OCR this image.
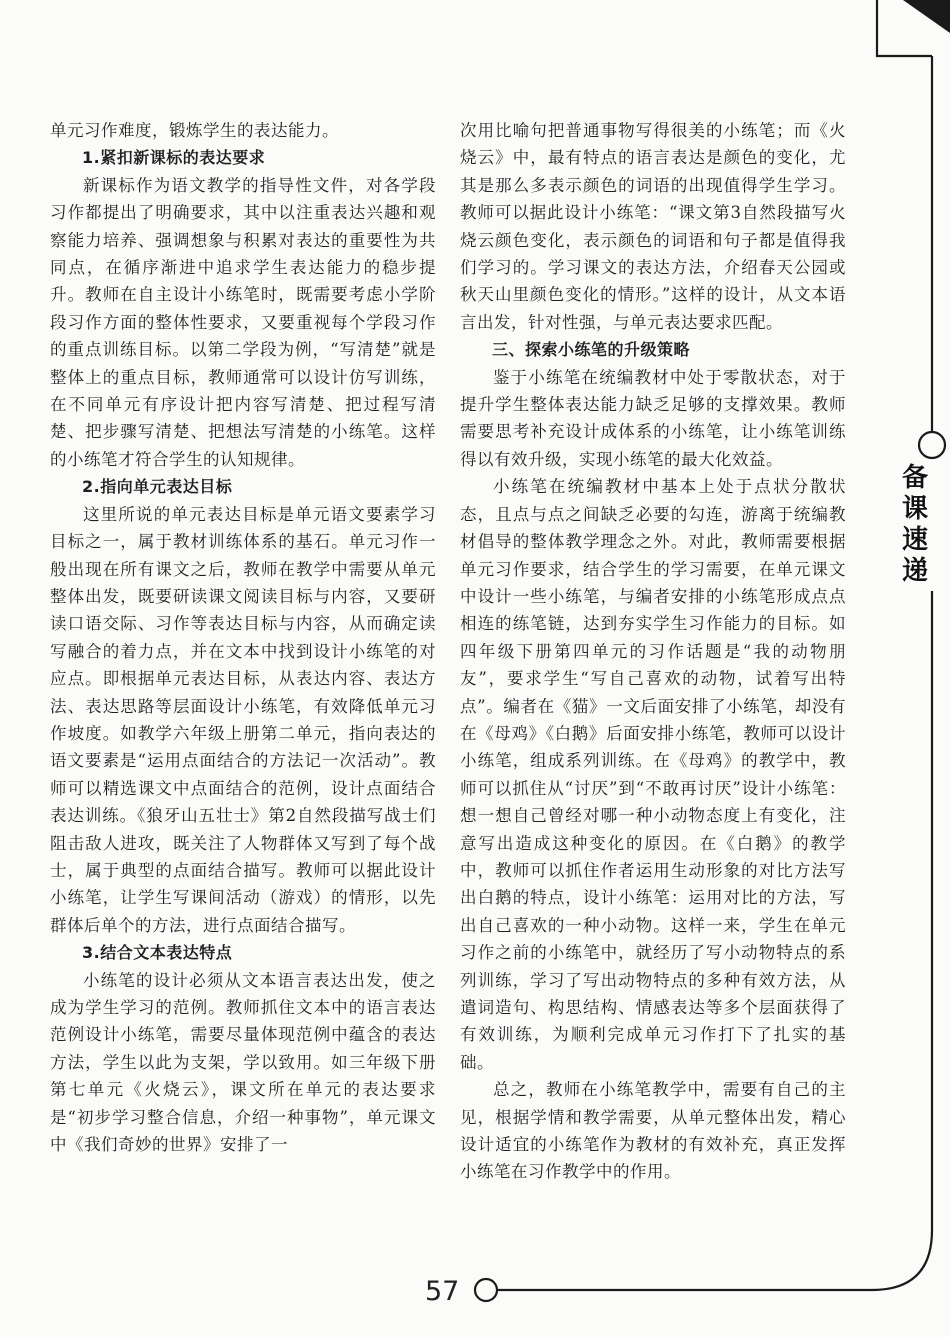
备课速递

单元习作难度，锻炼学生的表达能力。

1.紧扣新课标的表达要求

新课标作为语文教学的指导性文件，对各学段习作都提出了明确要求，其中以注重表达兴趣和观察能力培养、强调想象与积累对表达的重要性为共同点，在循序渐进中追求学生表达能力的稳步提升。教师在自主设计小练笔时，既需要考虑小学阶段习作方面的整体性要求，又要重视每个学段习作的重点训练目标。以第二学段为例，“写清楚”就是整体上的重点目标，教师通常可以设计仿写训练，在不同单元有序设计把内容写清楚、把过程写清楚、把步骤写清楚、把想法写清楚的小练笔。这样的小练笔才符合学生的认知规律。

2.指向单元表达目标

这里所说的单元表达目标是单元语文要素学习目标之一，属于教材训练体系的基石。单元习作一般出现在所有课文之后，教师在教学中需要从单元整体出发，既要研读课文阅读目标与内容，又要研读口语交际、习作等表达目标与内容，从而确定读写融合的着力点，并在文本中找到设计小练笔的对应点。即根据单元表达目标，从表达内容、表达方法、表达思路等层面设计小练笔，有效降低单元习作坡度。如教学六年级上册第二单元，指向表达的语文要素是“运用点面结合的方法记一次活动”。教师可以精选课文中点面结合的范例，设计点面结合表达训练。《狼牙山五壮士》第2自然段描写战士们阻击敌人进攻，既关注了人物群体又写到了每个战士，属于典型的点面结合描写。教师可以据此设计小练笔，让学生写课间活动（游戏）的情形，以先群体后单个的方法，进行点面结合描写。

3.结合文本表达特点

小练笔的设计必须从文本语言表达出发，使之成为学生学习的范例。教师抓住文本中的语言表达范例设计小练笔，需要尽量体现范例中蕴含的表达方法，学生以此为支架，学以致用。如三年级下册第七单元《火烧云》，课文所在单元的表达要求是“初步学习整合信息，介绍一种事物”，单元课文中《我们奇妙的世界》安排了一

次用比喻句把普通事物写得很美的小练笔；而《火烧云》中，最有特点的语言表达是颜色的变化，尤其是那么多表示颜色的词语的出现值得学生学习。教师可以据此设计小练笔：“课文第3自然段描写火烧云颜色变化，表示颜色的词语和句子都是值得我们学习的。学习课文的表达方法，介绍春天公园或秋天山里颜色变化的情形。”这样的设计，从文本语言出发，针对性强，与单元表达要求匹配。

三、探索小练笔的升级策略

鉴于小练笔在统编教材中处于零散状态，对于提升学生整体表达能力缺乏足够的支撑效果。教师需要思考补充设计成体系的小练笔，让小练笔训练得以有效升级，实现小练笔的最大化效益。

小练笔在统编教材中基本上处于点状分散状态，且点与点之间缺乏必要的勾连，游离于统编教材倡导的整体教学理念之外。对此，教师需要根据单元习作要求，结合学生的学习需要，在单元课文中设计一些小练笔，与编者安排的小练笔形成点点相连的练笔链，达到夯实学生习作能力的目标。如四年级下册第四单元的习作话题是“我的动物朋友”，要求学生“写自己喜欢的动物，试着写出特点”。编者在《猫》一文后面安排了小练笔，却没有在《母鸡》《白鹅》后面安排小练笔，教师可以设计小练笔，组成系列训练。在《母鸡》的教学中，教师可以抓住从“讨厌”到“不敢再讨厌”设计小练笔：想一想自己曾经对哪一种小动物态度上有变化，注意写出造成这种变化的原因。在《白鹅》的教学中，教师可以抓住作者运用生动形象的对比方法写出白鹅的特点，设计小练笔：运用对比的方法，写出自己喜欢的一种小动物。这样一来，学生在单元习作之前的小练笔中，就经历了写小动物特点的系列训练，学习了写出动物特点的多种有效方法，从遣词造句、构思结构、情感表达等多个层面获得了有效训练，为顺利完成单元习作打下了扎实的基础。

总之，教师在小练笔教学中，需要有自己的主见，根据学情和教学需要，从单元整体出发，精心设计适宜的小练笔作为教材的有效补充，真正发挥小练笔在习作教学中的作用。

57
